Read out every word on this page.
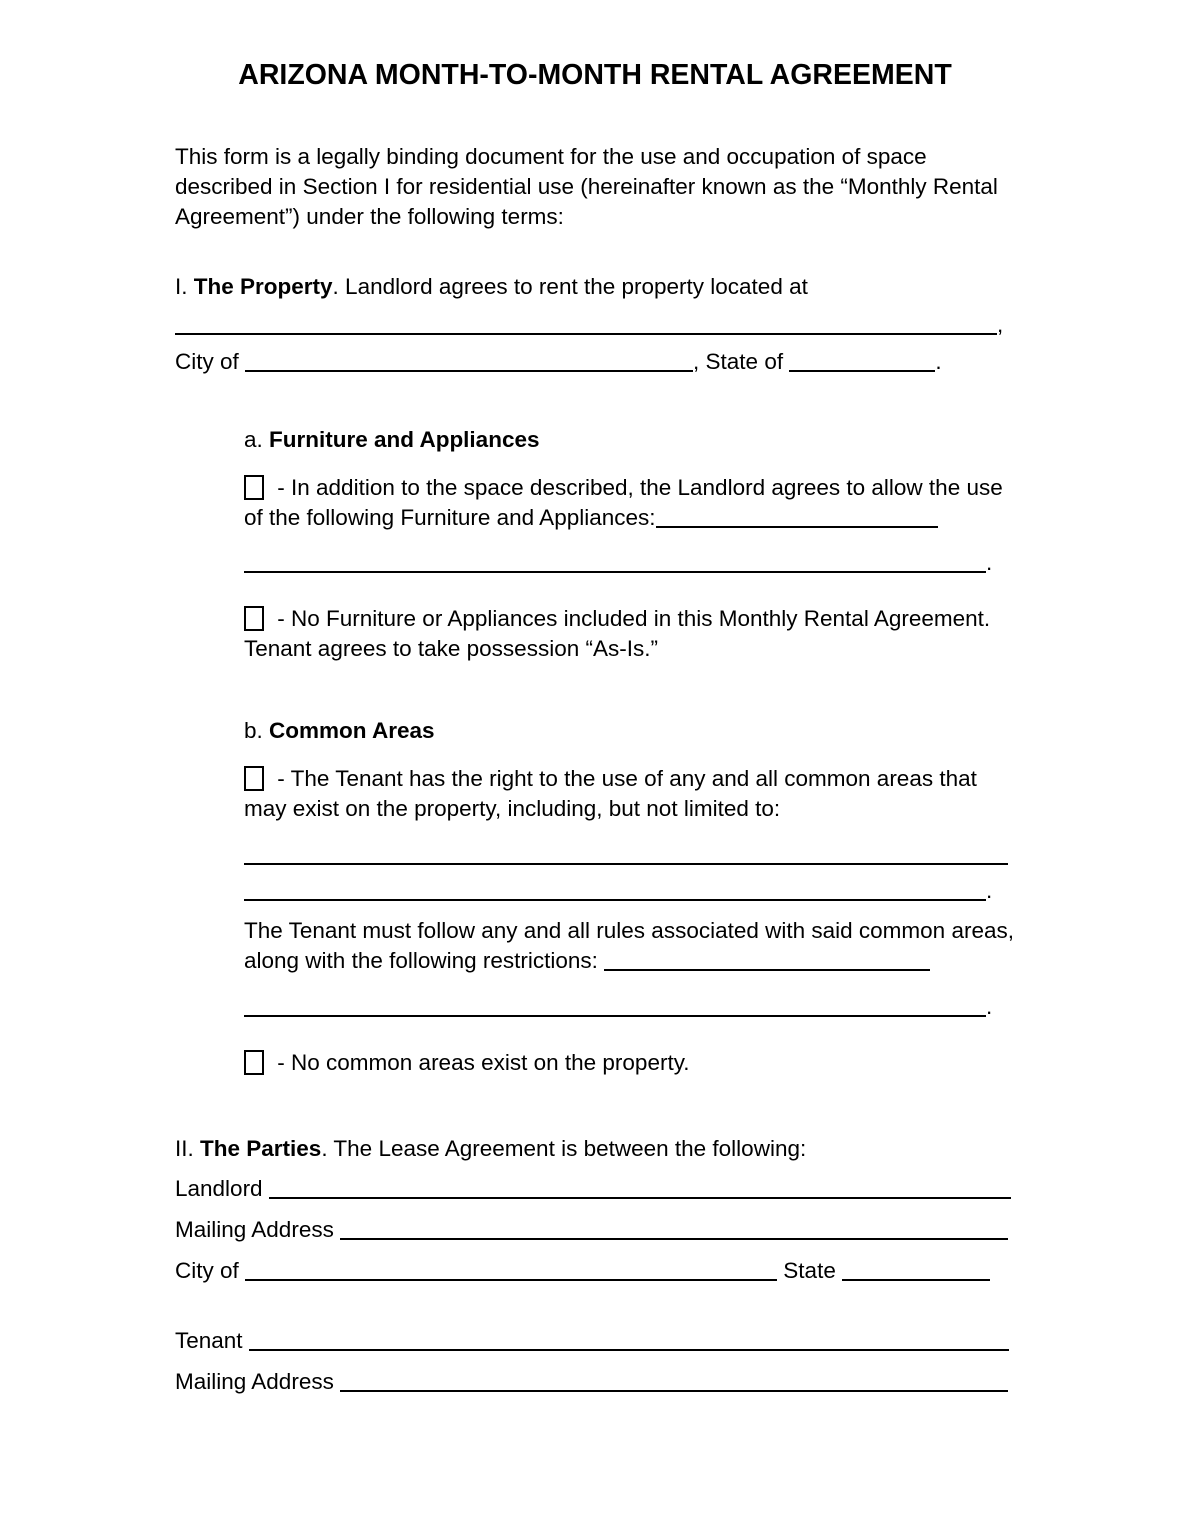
ARIZONA MONTH-TO-MONTH RENTAL AGREEMENT

This form is a legally binding document for the use and occupation of space described in Section I for residential use (hereinafter known as the “Monthly Rental Agreement”) under the following terms:

I. The Property. Landlord agrees to rent the property located at

,
City of	, State of	.

a. Furniture and Appliances

- In addition to the space described, the Landlord agrees to allow the use of the following Furniture and Appliances:

.

- No Furniture or Appliances included in this Monthly Rental Agreement. Tenant agrees to take possession “As-Is.”

b. Common Areas

- The Tenant has the right to the use of any and all common areas that may exist on the property, including, but not limited to:

.

The Tenant must follow any and all rules associated with said common areas, along with the following restrictions:

.

- No common areas exist on the property.

II. The Parties. The Lease Agreement is between the following:

Landlord
Mailing Address
City of	State
Tenant
Mailing Address
